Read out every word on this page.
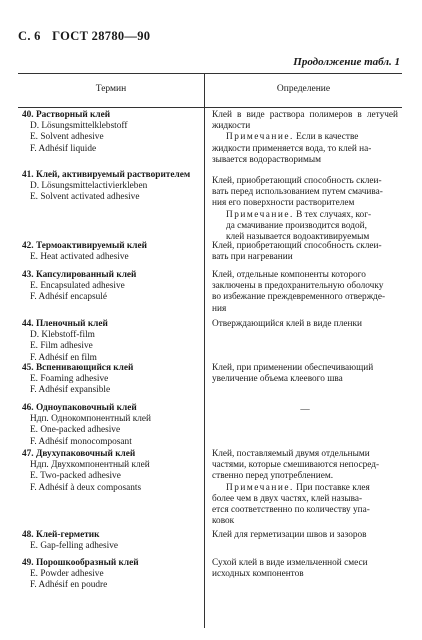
С. 6 ГОСТ 28780—90
Продолжение табл. 1
Термин	Определение
40. Растворный клей
D. Lösungsmittelklebstoff
E. Solvent adhesive
F. Adhésif liquide
Клей в виде раствора полимеров в летучей жидкости
Примечание. Если в качестве
жидкости применяется вода, то клей на-
зывается водорастворимым
41. Клей, активируемый растворителем
D. Lösungsmittelactivierkleben
E. Solvent activated adhesive
Клей, приобретающий способность склеи-
вать перед использованием путем смачива-
ния его поверхности растворителем
Примечание. В тех случаях, ког-
да смачивание производится водой,
клей называется водоактивируемым
42. Термоактивируемый клей
E. Heat activated adhesive
Клей, приобретающий способность склеи-
вать при нагревании
43. Капсулированный клей
E. Encapsulated adhesive
F. Adhésif encapsulé
Клей, отдельные компоненты которого
заключены в предохранительную оболочку
во избежание преждевременного отвержде-
ния
44. Пленочный клей
D. Klebstoff-film
E. Film adhesive
F. Adhésif en film
Отверждающийся клей в виде пленки
45. Вспенивающийся клей
E. Foaming adhesive
F. Adhésif expansible
Клей, при применении обеспечивающий
увеличение объема клеевого шва
46. Одноупаковочный клей
Ндп. Однокомпонентный клей
E. One-packed adhesive
F. Adhésif monocomposant
—
47. Двухупаковочный клей
Ндп. Двухкомпонентный клей
E. Two-packed adhesive
F. Adhésif à deux composants
Клей, поставляемый двумя отдельными
частями, которые смешиваются непосред-
ственно перед употреблением.
Примечание. При поставке клея
более чем в двух частях, клей называ-
ется соответственно по количеству упа-
ковок
48. Клей-герметик
E. Gap-felling adhesive
Клей для герметизации швов и зазоров
49. Порошкообразный клей
E. Powder adhesive
F. Adhésif en poudre
Сухой клей в виде измельченной смеси
исходных компонентов
